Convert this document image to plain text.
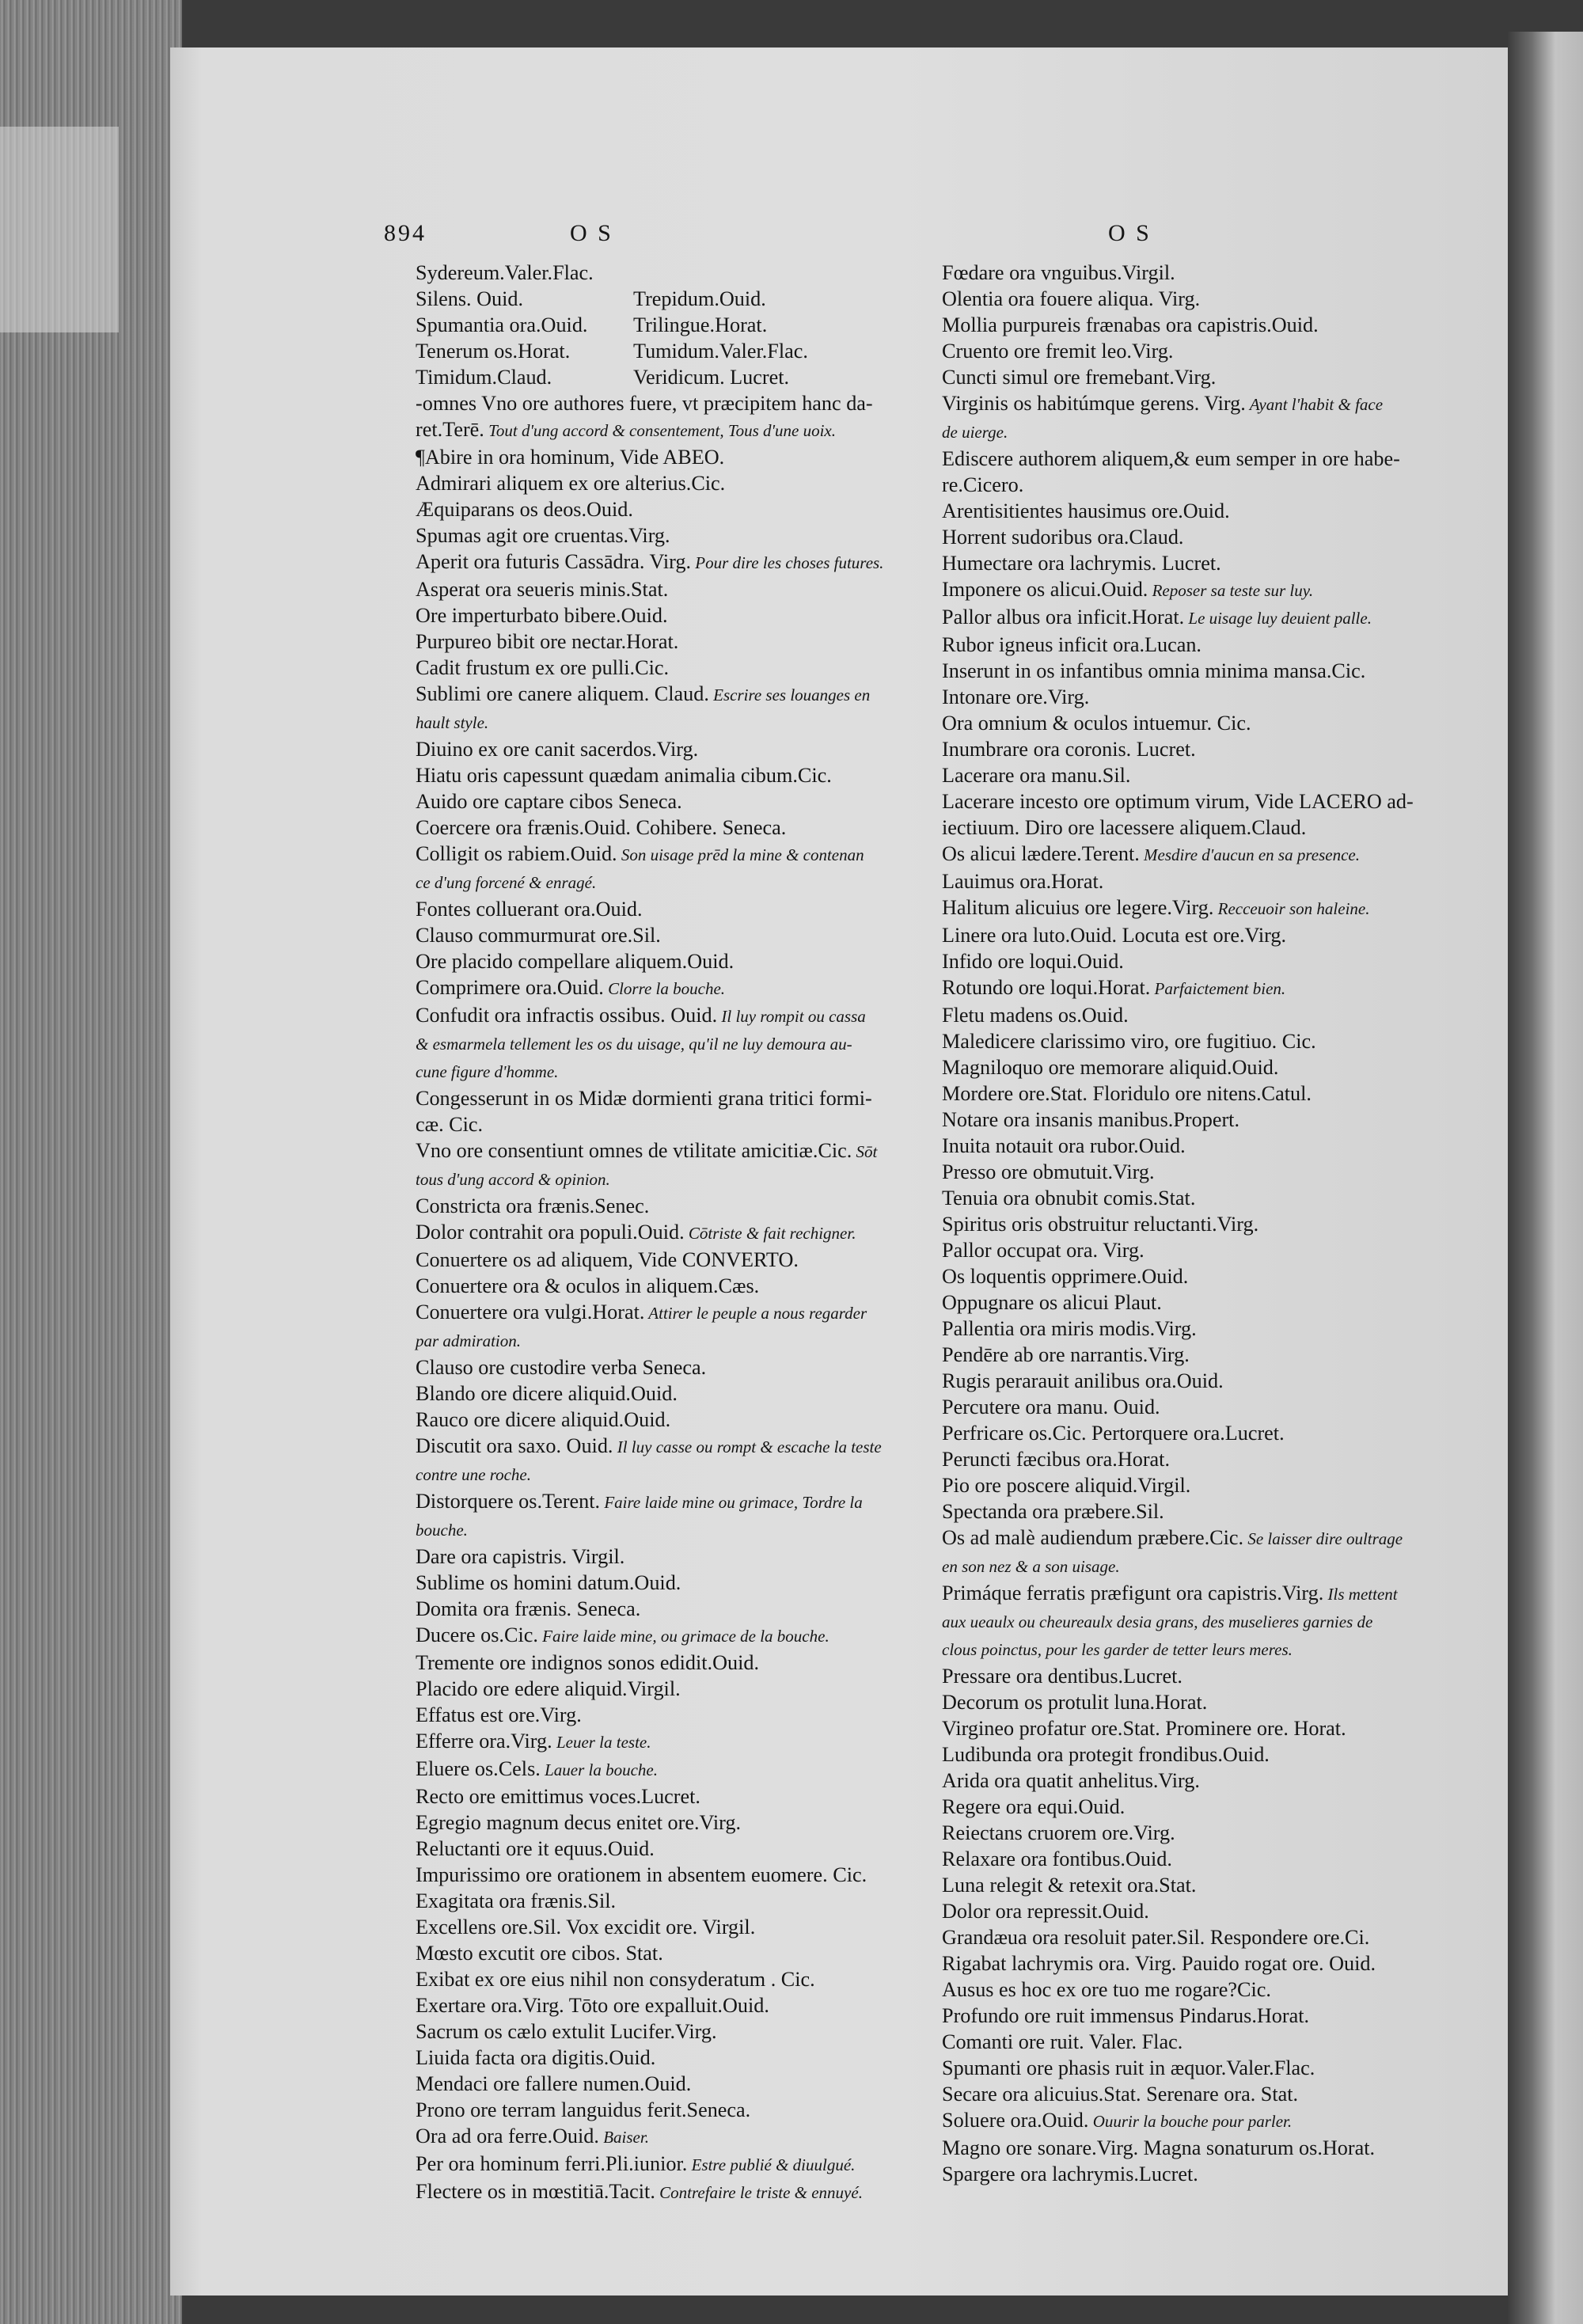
894	O S	O S
Sydereum.Valer.Flac.
Silens. Ouid.	Trepidum.Ouid.
Spumantia ora.Ouid.	Trilingue.Horat.
Tenerum os.Horat.	Tumidum.Valer.Flac.
Timidum.Claud.	Veridicum. Lucret.
-omnes Vno ore authores fuere, vt præcipitem hanc da-
ret.Terē. Tout d'ung accord & consentement, Tous d'une uoix.
¶Abire in ora hominum, Vide ABEO.
Admirari aliquem ex ore alterius.Cic.
Æquiparans os deos.Ouid.
Spumas agit ore cruentas.Virg.
Aperit ora futuris Cassādra. Virg. Pour dire les choses futures.
Asperat ora seueris minis.Stat.
Ore imperturbato bibere.Ouid.
Purpureo bibit ore nectar.Horat.
Cadit frustum ex ore pulli.Cic.
Sublimi ore canere aliquem. Claud. Escrire ses louanges en
hault style.
Diuino ex ore canit sacerdos.Virg.
Hiatu oris capessunt quædam animalia cibum.Cic.
Auido ore captare cibos Seneca.
Coercere ora frænis.Ouid. Cohibere. Seneca.
Colligit os rabiem.Ouid. Son uisage prēd la mine & contenan
ce d'ung forcené & enragé.
Fontes colluerant ora.Ouid.
Clauso commurmurat ore.Sil.
Ore placido compellare aliquem.Ouid.
Comprimere ora.Ouid. Clorre la bouche.
Confudit ora infractis ossibus. Ouid. Il luy rompit ou cassa
& esmarmela tellement les os du uisage, qu'il ne luy demoura au-
cune figure d'homme.
Congesserunt in os Midæ dormienti grana tritici formi-
cæ. Cic.
Vno ore consentiunt omnes de vtilitate amicitiæ.Cic. Sōt
tous d'ung accord & opinion.
Constricta ora frænis.Senec.
Dolor contrahit ora populi.Ouid. Cōtriste & fait rechigner.
Conuertere os ad aliquem, Vide CONVERTO.
Conuertere ora & oculos in aliquem.Cæs.
Conuertere ora vulgi.Horat. Attirer le peuple a nous regarder
par admiration.
Clauso ore custodire verba Seneca.
Blando ore dicere aliquid.Ouid.
Rauco ore dicere aliquid.Ouid.
Discutit ora saxo. Ouid. Il luy casse ou rompt & escache la teste
contre une roche.
Distorquere os.Terent. Faire laide mine ou grimace, Tordre la
bouche.
Dare ora capistris. Virgil.
Sublime os homini datum.Ouid.
Domita ora frænis. Seneca.
Ducere os.Cic. Faire laide mine, ou grimace de la bouche.
Tremente ore indignos sonos edidit.Ouid.
Placido ore edere aliquid.Virgil.
Effatus est ore.Virg.
Efferre ora.Virg. Leuer la teste.
Eluere os.Cels. Lauer la bouche.
Recto ore emittimus voces.Lucret.
Egregio magnum decus enitet ore.Virg.
Reluctanti ore it equus.Ouid.
Impurissimo ore orationem in absentem euomere. Cic.
Exagitata ora frænis.Sil.
Excellens ore.Sil. Vox excidit ore. Virgil.
Mœsto excutit ore cibos. Stat.
Exibat ex ore eius nihil non consyderatum . Cic.
Exertare ora.Virg. Tōto ore expalluit.Ouid.
Sacrum os cælo extulit Lucifer.Virg.
Liuida facta ora digitis.Ouid.
Mendaci ore fallere numen.Ouid.
Prono ore terram languidus ferit.Seneca.
Ora ad ora ferre.Ouid. Baiser.
Per ora hominum ferri.Pli.iunior. Estre publié & diuulgué.
Flectere os in mœstitiā.Tacit. Contrefaire le triste & ennuyé.
Fœdare ora vnguibus.Virgil.
Olentia ora fouere aliqua. Virg.
Mollia purpureis frænabas ora capistris.Ouid.
Cruento ore fremit leo.Virg.
Cuncti simul ore fremebant.Virg.
Virginis os habitúmque gerens. Virg. Ayant l'habit & face
de uierge.
Ediscere authorem aliquem,& eum semper in ore habe-
re.Cicero.
Arentisitientes hausimus ore.Ouid.
Horrent sudoribus ora.Claud.
Humectare ora lachrymis. Lucret.
Imponere os alicui.Ouid. Reposer sa teste sur luy.
Pallor albus ora inficit.Horat. Le uisage luy deuient palle.
Rubor igneus inficit ora.Lucan.
Inserunt in os infantibus omnia minima mansa.Cic.
Intonare ore.Virg.
Ora omnium & oculos intuemur. Cic.
Inumbrare ora coronis. Lucret.
Lacerare ora manu.Sil.
Lacerare incesto ore optimum virum, Vide LACERO ad-
iectiuum. Diro ore lacessere aliquem.Claud.
Os alicui lædere.Terent. Mesdire d'aucun en sa presence.
Lauimus ora.Horat.
Halitum alicuius ore legere.Virg. Recceuoir son haleine.
Linere ora luto.Ouid. Locuta est ore.Virg.
Infido ore loqui.Ouid.
Rotundo ore loqui.Horat. Parfaictement bien.
Fletu madens os.Ouid.
Maledicere clarissimo viro, ore fugitiuo. Cic.
Magniloquo ore memorare aliquid.Ouid.
Mordere ore.Stat. Floridulo ore nitens.Catul.
Notare ora insanis manibus.Propert.
Inuita notauit ora rubor.Ouid.
Presso ore obmutuit.Virg.
Tenuia ora obnubit comis.Stat.
Spiritus oris obstruitur reluctanti.Virg.
Pallor occupat ora. Virg.
Os loquentis opprimere.Ouid.
Oppugnare os alicui Plaut.
Pallentia ora miris modis.Virg.
Pendēre ab ore narrantis.Virg.
Rugis perarauit anilibus ora.Ouid.
Percutere ora manu. Ouid.
Perfricare os.Cic. Pertorquere ora.Lucret.
Peruncti fæcibus ora.Horat.
Pio ore poscere aliquid.Virgil.
Spectanda ora præbere.Sil.
Os ad malè audiendum præbere.Cic. Se laisser dire oultrage
en son nez & a son uisage.
Primáque ferratis præfigunt ora capistris.Virg. Ils mettent
aux ueaulx ou cheureaulx desia grans, des muselieres garnies de
clous poinctus, pour les garder de tetter leurs meres.
Pressare ora dentibus.Lucret.
Decorum os protulit luna.Horat.
Virgineo profatur ore.Stat. Prominere ore. Horat.
Ludibunda ora protegit frondibus.Ouid.
Arida ora quatit anhelitus.Virg.
Regere ora equi.Ouid.
Reiectans cruorem ore.Virg.
Relaxare ora fontibus.Ouid.
Luna relegit & retexit ora.Stat.
Dolor ora repressit.Ouid.
Grandæua ora resoluit pater.Sil. Respondere ore.Ci.
Rigabat lachrymis ora. Virg. Pauido rogat ore. Ouid.
Ausus es hoc ex ore tuo me rogare?Cic.
Profundo ore ruit immensus Pindarus.Horat.
Comanti ore ruit. Valer. Flac.
Spumanti ore phasis ruit in æquor.Valer.Flac.
Secare ora alicuius.Stat. Serenare ora. Stat.
Soluere ora.Ouid. Ouurir la bouche pour parler.
Magno ore sonare.Virg. Magna sonaturum os.Horat.
Spargere ora lachrymis.Lucret.
